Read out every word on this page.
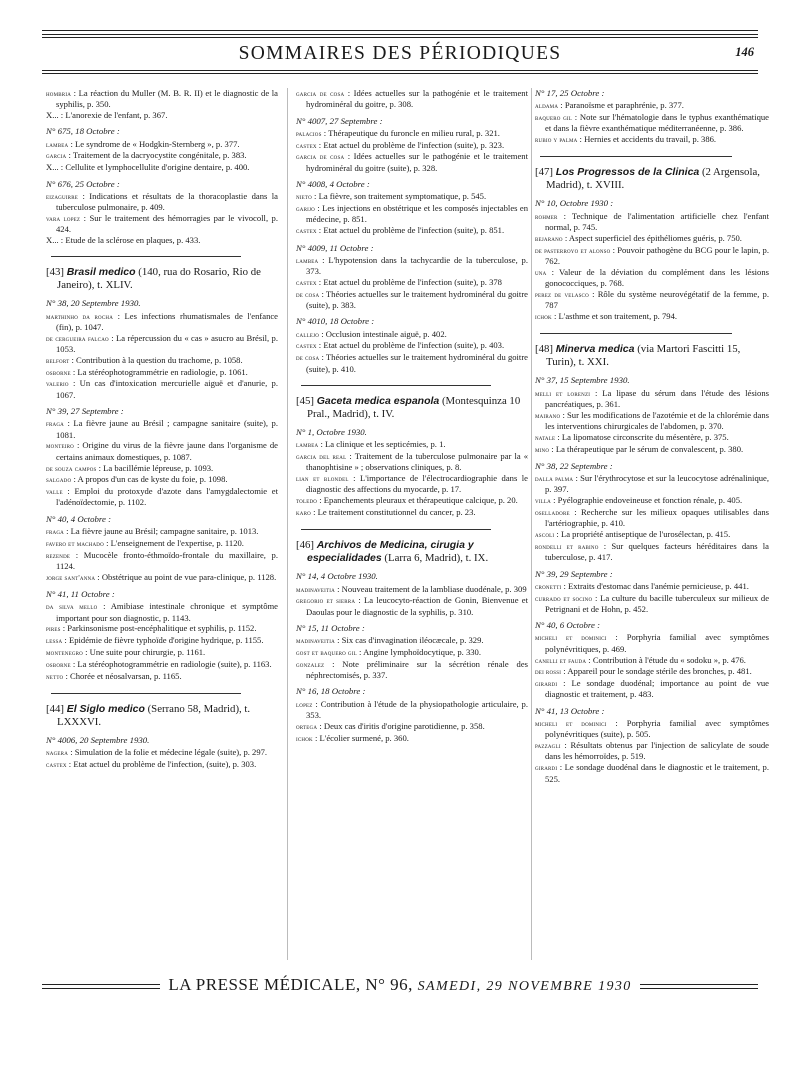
SOMMAIRES DES PÉRIODIQUES	146
hombria : La réaction du Muller (M. B. R. II) et le diagnostic de la syphilis, p. 350.
X... : L'anorexie de l'enfant, p. 367.
N° 675, 18 Octobre :
lambea : Le syndrome de « Hodgkin-Sternberg », p. 377.
garcia : Traitement de la dacryocystite congénitale, p. 383.
X... : Cellulite et lymphocellulite d'origine dentaire, p. 400.
N° 676, 25 Octobre :
eizaguirre : Indications et résultats de la thoracoplastie dans la tuberculose pulmonaire, p. 409.
vara lopez : Sur le traitement des hémorragies par le vivocoll, p. 424.
X... : Etude de la sclérose en plaques, p. 433.
[43] Brasil medico (140, rua do Rosario, Rio de Janeiro), t. XLIV.
N° 38, 20 Septembre 1930.
marthinho da rocha : Les infections rhumatismales de l'enfance (fin), p. 1047.
de cergueira falcao : La répercussion du « cas » asucro au Brésil, p. 1053.
belfort : Contribution à la question du trachome, p. 1058.
osborne : La stéréophotogrammétrie en radiologie, p. 1061.
valerio : Un cas d'intoxication mercurielle aiguë et d'anurie, p. 1067.
N° 39, 27 Septembre :
fraga : La fièvre jaune au Brésil ; campagne sanitaire (suite), p. 1081.
monteiro : Origine du virus de la fièvre jaune dans l'organisme de certains animaux domestiques, p. 1087.
de souza campos : La bacillémie lépreuse, p. 1093.
salgado : A propos d'un cas de kyste du foie, p. 1098.
valle : Emploi du protoxyde d'azote dans l'amygdalectomie et l'adénoïdectomie, p. 1102.
N° 40, 4 Octobre :
fraga : La fièvre jaune au Brésil; campagne sanitaire, p. 1013.
favero et machado : L'enseignement de l'expertise, p. 1120.
rezende : Mucocèle fronto-éthmoïdo-frontale du maxillaire, p. 1124.
jorge sant'anna : Obstétrique au point de vue para-clinique, p. 1128.
N° 41, 11 Octobre :
da silva mello : Amibiase intestinale chronique et symptôme important pour son diagnostic, p. 1143.
pires : Parkinsonisme post-encéphalitique et syphilis, p. 1152.
lessa : Epidémie de fièvre typhoïde d'origine hydrique, p. 1155.
montenegro : Une suite pour chirurgie, p. 1161.
osborne : La stéréophotogrammétrie en radiologie (suite), p. 1163.
netto : Chorée et néosalvarsan, p. 1165.
[44] El Siglo medico (Serrano 58, Madrid), t. LXXXVI.
N° 4006, 20 Septembre 1930.
nagera : Simulation de la folie et médecine légale (suite), p. 297.
castex : Etat actuel du problème de l'infection, (suite), p. 303.
garcia de cosa : Idées actuelles sur la pathogénie et le traitement hydrominéral du goitre, p. 308.
N° 4007, 27 Septembre :
palacios : Thérapeutique du furoncle en milieu rural, p. 321.
castex : Etat actuel du problème de l'infection (suite), p. 323.
garcia de cosa : Idées actuelles sur le pathogénie et le traitement hydrominéral du goitre (suite), p. 328.
N° 4008, 4 Octobre :
nieto : La fièvre, son traitement symptomatique, p. 545.
garijo : Les injections en obstétrique et les composés injectables en médecine, p. 851.
castex : Etat actuel du problème de l'infection (suite), p. 851.
N° 4009, 11 Octobre :
lambea : L'hypotension dans la tachycardie de la tuberculose, p. 373.
castex : Etat actuel du problème de l'infection (suite), p. 378
de cosa : Théories actuelles sur le traitement hydrominéral du goitre (suite), p. 383.
N° 4010, 18 Octobre :
callejo : Occlusion intestinale aiguë, p. 402.
castex : Etat actuel du problème de l'infection (suite), p. 403.
de cosa : Théories actuelles sur le traitement hydrominéral du goitre (suite), p. 410.
[45] Gaceta medica espanola (Montesquinza 10 Pral., Madrid), t. IV.
N° 1, Octobre 1930.
lambea : La clinique et les septicémies, p. 1.
garcia del real : Traitement de la tuberculose pulmonaire par la « thanophtisine » ; observations cliniques, p. 8.
lian et blondel : L'importance de l'électrocardiographie dans le diagnostic des affections du myocarde, p. 17.
toledo : Epanchements pleuraux et thérapeutique calcique, p. 20.
karo : Le traitement constitutionnel du cancer, p. 23.
[46] Archivos de Medicina, cirugia y especialidades (Larra 6, Madrid), t. IX.
N° 14, 4 Octobre 1930.
madinaveitia : Nouveau traitement de la lambliase duodénale, p. 309
gregorio et sierra : La leucocyto-réaction de Gonin, Bienvenue et Daoulas pour le diagnostic de la syphilis, p. 310.
N° 15, 11 Octobre :
madinaveitia : Six cas d'invagination iléocæcale, p. 329.
gost et baquero gil : Angine lymphoïdocytique, p. 330.
gonzalez : Note préliminaire sur la sécrétion rénale des néphrectomisés, p. 337.
N° 16, 18 Octobre :
lopez : Contribution à l'étude de la physiopathologie articulaire, p. 353.
ortega : Deux cas d'iritis d'origine parotidienne, p. 358.
ichok : L'écolier surmené, p. 360.
N° 17, 25 Octobre :
aldama : Paranoïsme et paraphrénie, p. 377.
baquero gil : Note sur l'hématologie dans le typhus exanthématique et dans la fièvre exanthématique méditerranéenne, p. 386.
rubio y palma : Hernies et accidents du travail, p. 386.
[47] Los Progressos de la Clinica (2 Argensola, Madrid), t. XVIII.
N° 10, Octobre 1930 :
rohmer : Technique de l'alimentation artificielle chez l'enfant normal, p. 745.
bejarano : Aspect superficiel des épithéliomes guéris, p. 750.
de pasterroyo et alonso : Pouvoir pathogène du BCG pour le lapin, p. 762.
una : Valeur de la déviation du complément dans les lésions gonococciques, p. 768.
perez de velasco : Rôle du système neurovégétatif de la femme, p. 787
ichok : L'asthme et son traitement, p. 794.
[48] Minerva medica (via Martori Fascitti 15, Turin), t. XXI.
N° 37, 15 Septembre 1930.
melli et lorenzi : La lipase du sérum dans l'étude des lésions pancréatiques, p. 361.
mairano : Sur les modifications de l'azotémie et de la chlorémie dans les interventions chirurgicales de l'abdomen, p. 370.
natale : La lipomatose circonscrite du mésentère, p. 375.
mino : La thérapeutique par le sérum de convalescent, p. 380.
N° 38, 22 Septembre :
dalla palma : Sur l'érythrocytose et sur la leucocytose adrénalinique, p. 397.
villa : Pyélographie endoveineuse et fonction rénale, p. 405.
oselladore : Recherche sur les milieux opaques utilisables dans l'artériographie, p. 410.
ascoli : La propriété antiseptique de l'urosélectan, p. 415.
rondelli et rabino : Sur quelques facteurs héréditaires dans la tuberculose, p. 417.
N° 39, 29 Septembre :
cronetti : Extraits d'estomac dans l'anémie pernicieuse, p. 441.
currado et socino : La culture du bacille tuberculeux sur milieux de Petrignani et de Hohn, p. 452.
N° 40, 6 Octobre :
micheli et dominici : Porphyria familial avec symptômes polynévritiques, p. 469.
canelli et fauda : Contribution à l'étude du « sodoku », p. 476.
dei rossi : Appareil pour le sondage stérile des bronches, p. 481.
girardi : Le sondage duodénal; importance au point de vue diagnostic et traitement, p. 483.
N° 41, 13 Octobre :
micheli et dominici : Porphyria familial avec symptômes polynévritiques (suite), p. 505.
pazzagli : Résultats obtenus par l'injection de salicylate de soude dans les hémorroïdes, p. 519.
girardi : Le sondage duodénal dans le diagnostic et le traitement, p. 525.
LA PRESSE MÉDICALE, N° 96, SAMEDI, 29 NOVEMBRE 1930
